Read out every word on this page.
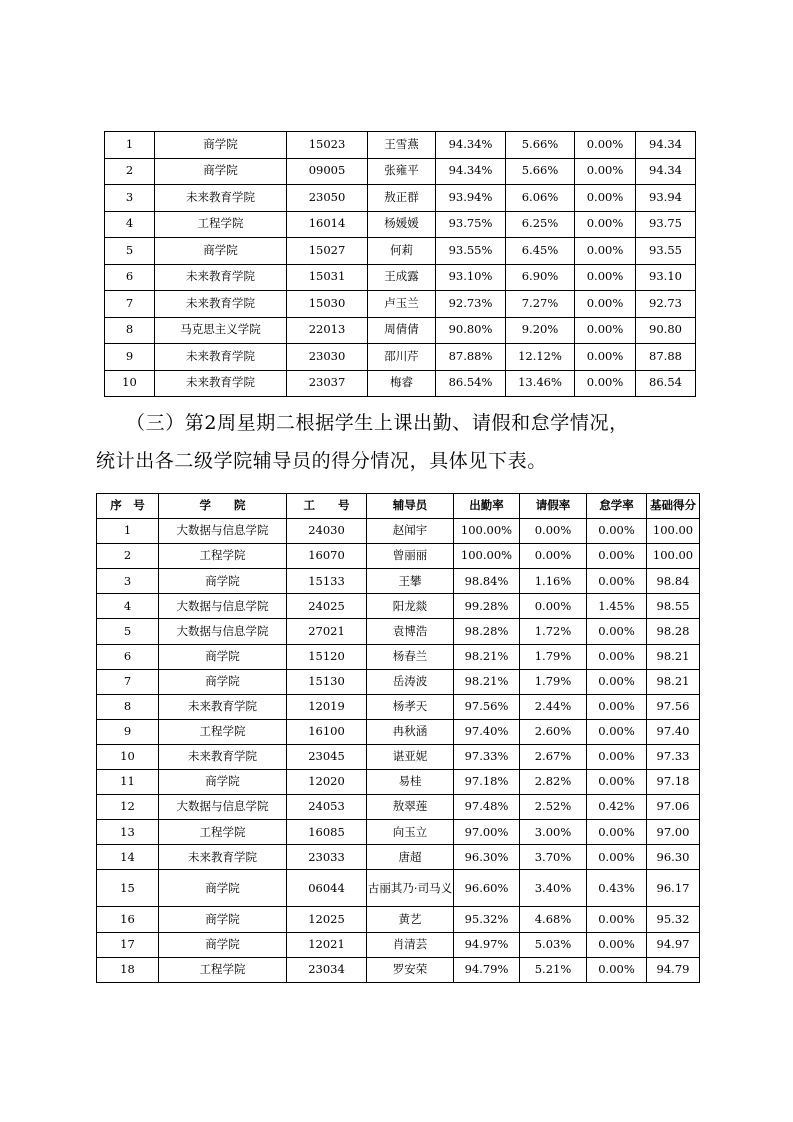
1	商学院	15023	王雪燕	94.34%	5.66%	0.00%	94.34
2	商学院	09005	张雍平	94.34%	5.66%	0.00%	94.34
3	未来教育学院	23050	敖正群	93.94%	6.06%	0.00%	93.94
4	工程学院	16014	杨媛媛	93.75%	6.25%	0.00%	93.75
5	商学院	15027	何莉	93.55%	6.45%	0.00%	93.55
6	未来教育学院	15031	王成露	93.10%	6.90%	0.00%	93.10
7	未来教育学院	15030	卢玉兰	92.73%	7.27%	0.00%	92.73
8	马克思主义学院	22013	周倩倩	90.80%	9.20%	0.00%	90.80
9	未来教育学院	23030	邵川芹	87.88%	12.12%	0.00%	87.88
10	未来教育学院	23037	梅睿	86.54%	13.46%	0.00%	86.54
（三）第2周星期二根据学生上课出勤、请假和怠学情况，
统计出各二级学院辅导员的得分情况，具体见下表。
序　号	学　　院	工　　号	辅导员	出勤率	请假率	怠学率	基础得分
1	大数据与信息学院	24030	赵闻宇	100.00%	0.00%	0.00%	100.00
2	工程学院	16070	曾丽丽	100.00%	0.00%	0.00%	100.00
3	商学院	15133	王攀	98.84%	1.16%	0.00%	98.84
4	大数据与信息学院	24025	阳龙燚	99.28%	0.00%	1.45%	98.55
5	大数据与信息学院	27021	袁博浩	98.28%	1.72%	0.00%	98.28
6	商学院	15120	杨春兰	98.21%	1.79%	0.00%	98.21
7	商学院	15130	岳涛波	98.21%	1.79%	0.00%	98.21
8	未来教育学院	12019	杨孝天	97.56%	2.44%	0.00%	97.56
9	工程学院	16100	冉秋涵	97.40%	2.60%	0.00%	97.40
10	未来教育学院	23045	谌亚妮	97.33%	2.67%	0.00%	97.33
11	商学院	12020	易桂	97.18%	2.82%	0.00%	97.18
12	大数据与信息学院	24053	敖翠莲	97.48%	2.52%	0.42%	97.06
13	工程学院	16085	向玉立	97.00%	3.00%	0.00%	97.00
14	未来教育学院	23033	唐超	96.30%	3.70%	0.00%	96.30
15	商学院	06044	古丽其乃·司马义	96.60%	3.40%	0.43%	96.17
16	商学院	12025	黄艺	95.32%	4.68%	0.00%	95.32
17	商学院	12021	肖清芸	94.97%	5.03%	0.00%	94.97
18	工程学院	23034	罗安荣	94.79%	5.21%	0.00%	94.79
